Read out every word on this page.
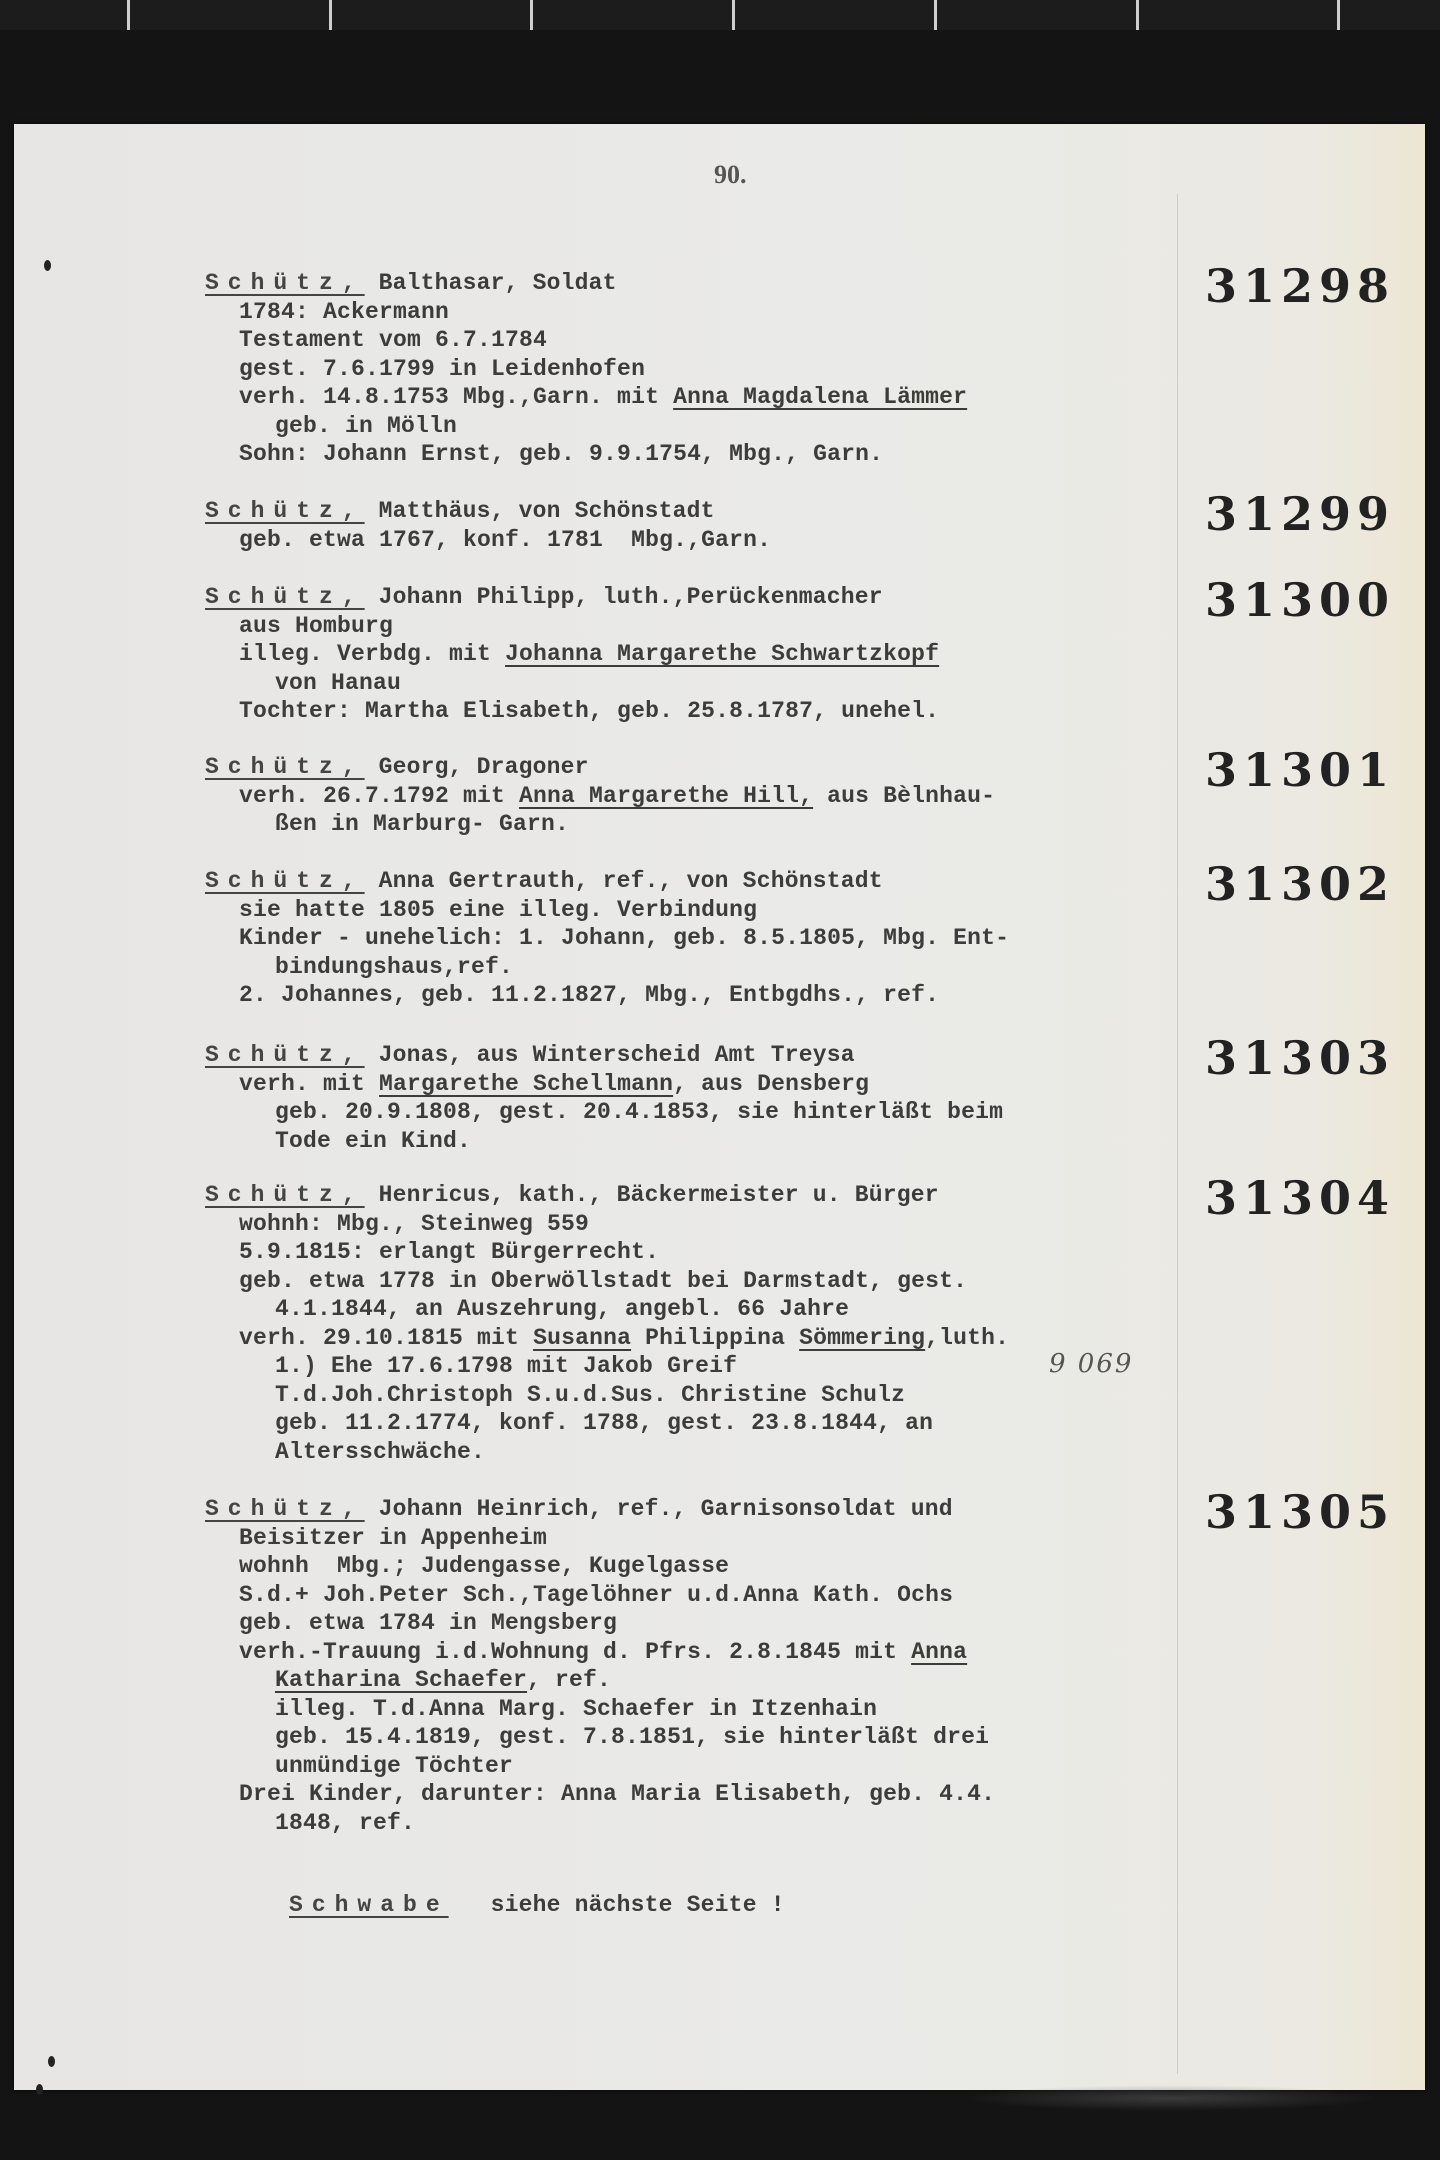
90.
Schütz, Balthasar, Soldat
1784: Ackermann
Testament vom 6.7.1784
gest. 7.6.1799 in Leidenhofen
verh. 14.8.1753 Mbg.,Garn. mit Anna Magdalena Lämmer
geb. in Mölln
Sohn: Johann Ernst, geb. 9.9.1754, Mbg., Garn.
31298
Schütz, Matthäus, von Schönstadt
geb. etwa 1767, konf. 1781  Mbg.,Garn.	31299
Schütz, Johann Philipp, luth.,Perückenmacher
aus Homburg
illeg. Verbdg. mit Johanna Margarethe Schwartzkopf
von Hanau
Tochter: Martha Elisabeth, geb. 25.8.1787, unehel.
31300
Schütz, Georg, Dragoner
verh. 26.7.1792 mit Anna Margarethe Hill, aus Bèlnhau-
ßen in Marburg- Garn.
31301
Schütz, Anna Gertrauth, ref., von Schönstadt
sie hatte 1805 eine illeg. Verbindung
Kinder - unehelich: 1. Johann, geb. 8.5.1805, Mbg. Ent-
bindungshaus,ref.
2. Johannes, geb. 11.2.1827, Mbg., Entbgdhs., ref.
31302
Schütz, Jonas, aus Winterscheid Amt Treysa
verh. mit Margarethe Schellmann, aus Densberg
geb. 20.9.1808, gest. 20.4.1853, sie hinterläßt beim
Tode ein Kind.
31303
Schütz, Henricus, kath., Bäckermeister u. Bürger
wohnh: Mbg., Steinweg 559
5.9.1815: erlangt Bürgerrecht.
geb. etwa 1778 in Oberwöllstadt bei Darmstadt, gest.
4.1.1844, an Auszehrung, angebl. 66 Jahre
verh. 29.10.1815 mit Susanna Philippina Sömmering,luth.
1.) Ehe 17.6.1798 mit Jakob Greif
T.d.Joh.Christoph S.u.d.Sus. Christine Schulz
geb. 11.2.1774, konf. 1788, gest. 23.8.1844, an
Altersschwäche.
31304
Schütz, Johann Heinrich, ref., Garnisonsoldat und
Beisitzer in Appenheim
wohnh  Mbg.; Judengasse, Kugelgasse
S.d.+ Joh.Peter Sch.,Tagelöhner u.d.Anna Kath. Ochs
geb. etwa 1784 in Mengsberg
verh.-Trauung i.d.Wohnung d. Pfrs. 2.8.1845 mit Anna
Katharina Schaefer, ref.
illeg. T.d.Anna Marg. Schaefer in Itzenhain
geb. 15.4.1819, gest. 7.8.1851, sie hinterläßt drei
unmündige Töchter
Drei Kinder, darunter: Anna Maria Elisabeth, geb. 4.4.
1848, ref.
31305
9 069

Schwabe   siehe nächste Seite !
